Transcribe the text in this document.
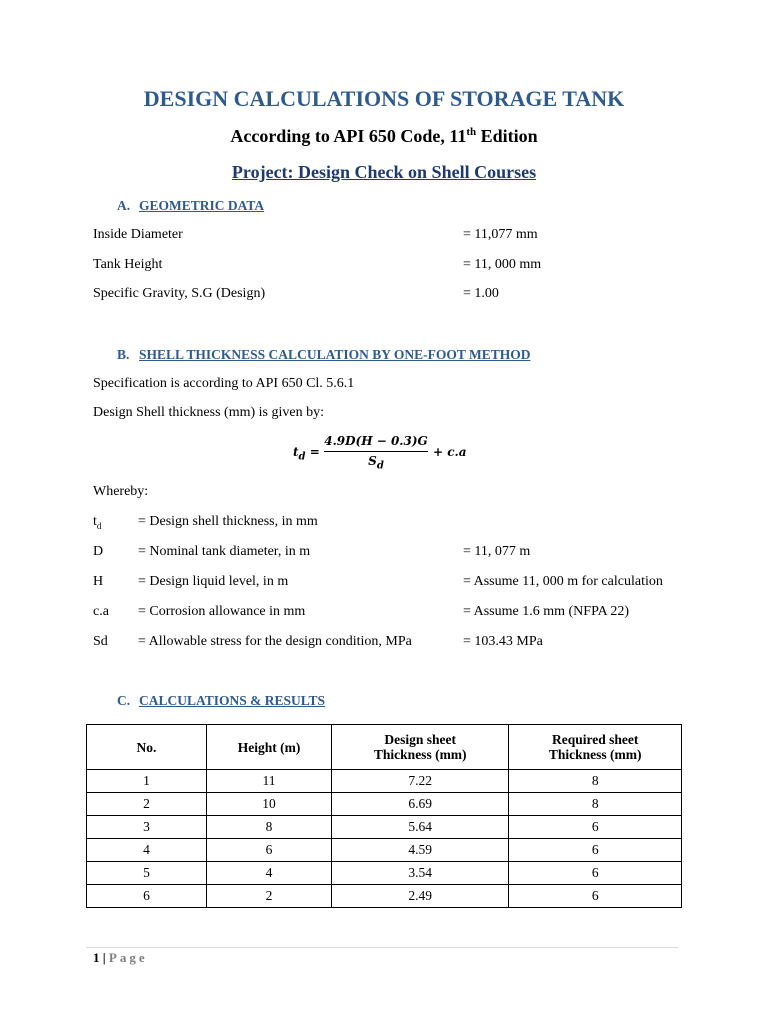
DESIGN CALCULATIONS OF STORAGE TANK
According to API 650 Code, 11th Edition
Project: Design Check on Shell Courses
A. GEOMETRIC DATA
Inside Diameter	= 11,077 mm
Tank Height	= 11, 000 mm
Specific Gravity, S.G (Design)	= 1.00
B. SHELL THICKNESS CALCULATION BY ONE-FOOT METHOD
Specification is according to API 650 Cl. 5.6.1
Design Shell thickness (mm) is given by:
$t_d$ =
4.9D(H − 0.3)G
$S_d$
+ c.a
Whereby:
$t_d$	= Design shell thickness, in mm
D = Nominal tank diameter, in m	= 11, 077 m
H = Design liquid level, in m	= Assume 11, 000 m for calculation
c.a = Corrosion allowance in mm	= Assume 1.6 mm (NFPA 22)
Sd = Allowable stress for the design condition, MPa	= 103.43 MPa
C. CALCULATIONS & RESULTS
No.	Height (m)	Design sheet Thickness (mm)	Required sheet Thickness (mm)
1	11	7.22	8
2	10	6.69	8
3	8	5.64	6
4	6	4.59	6
5	4	3.54	6
6	2	2.49	6
1 | Page
